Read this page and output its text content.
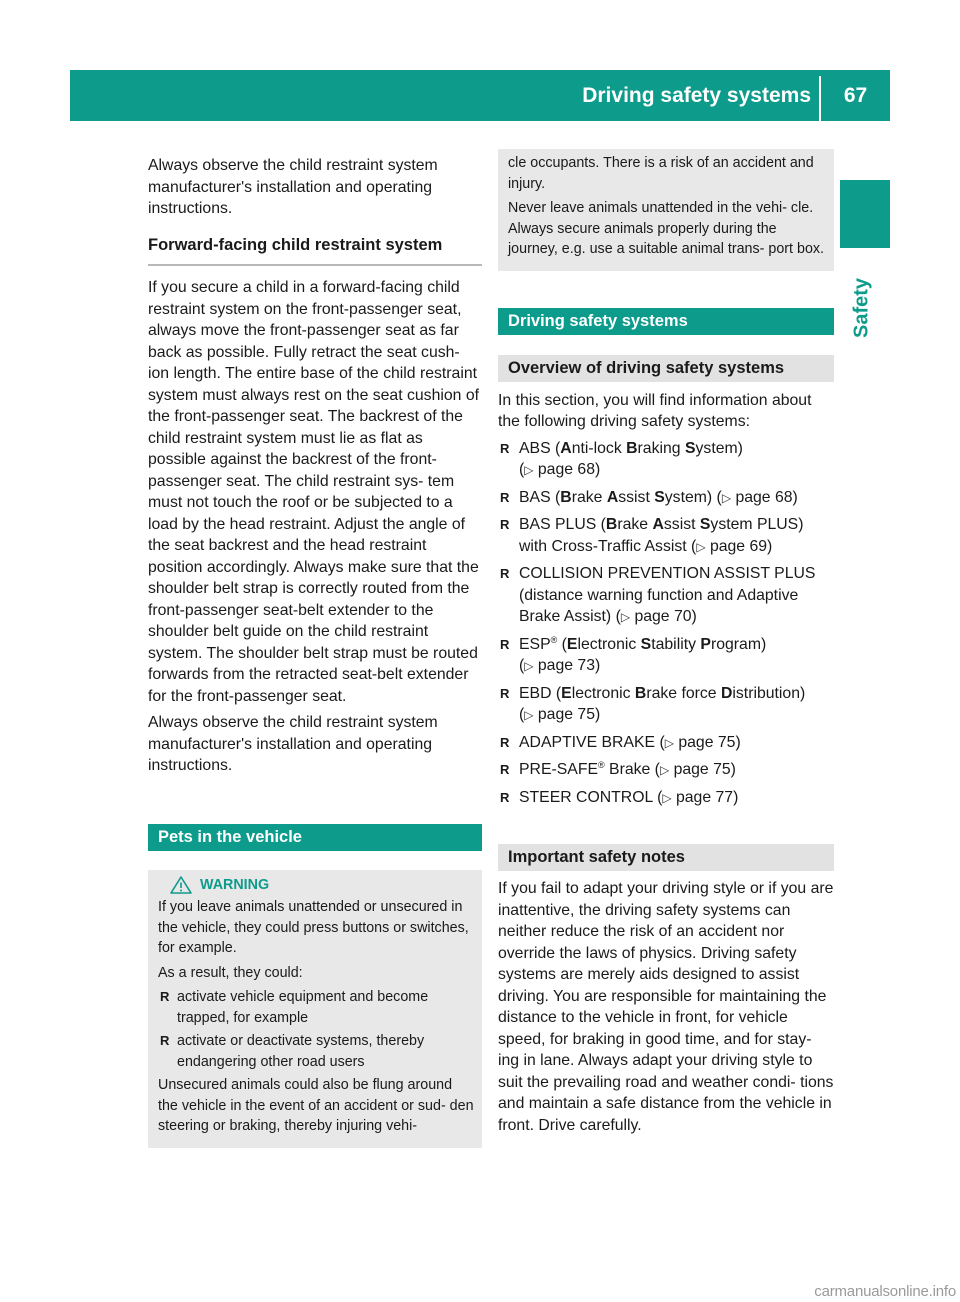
Driving safety systems	67
Safety

Always observe the child restraint system manufacturer's installation and operating instructions.

Forward-facing child restraint system

If you secure a child in a forward-facing child restraint system on the front-passenger seat, always move the front-passenger seat as far back as possible. Fully retract the seat cush- ion length. The entire base of the child restraint system must always rest on the seat cushion of the front-passenger seat. The backrest of the child restraint system must lie as flat as possible against the backrest of the front-passenger seat. The child restraint sys- tem must not touch the roof or be subjected to a load by the head restraint. Adjust the angle of the seat backrest and the head restraint position accordingly. Always make sure that the shoulder belt strap is correctly routed from the front-passenger seat-belt extender to the shoulder belt guide on the child restraint system. The shoulder belt strap must be routed forwards from the retracted seat-belt extender for the front-passenger seat.

Always observe the child restraint system manufacturer's installation and operating instructions.

Pets in the vehicle

WARNING

If you leave animals unattended or unsecured in the vehicle, they could press buttons or switches, for example.

As a result, they could:

R activate vehicle equipment and become trapped, for example
R activate or deactivate systems, thereby endangering other road users

Unsecured animals could also be flung around the vehicle in the event of an accident or sud- den steering or braking, thereby injuring vehi-

cle occupants. There is a risk of an accident and injury.

Never leave animals unattended in the vehi- cle. Always secure animals properly during the journey, e.g. use a suitable animal trans- port box.

Driving safety systems
Overview of driving safety systems

In this section, you will find information about the following driving safety systems:

R ABS (Anti-lock Braking System)
(▷ page 68)
R BAS (Brake Assist System) (▷ page 68)
R BAS PLUS (Brake Assist System PLUS) with Cross-Traffic Assist (▷ page 69)
R COLLISION PREVENTION ASSIST PLUS (distance warning function and Adaptive Brake Assist) (▷ page 70)
R ESP® (Electronic Stability Program)
(▷ page 73)
R EBD (Electronic Brake force Distribution)
(▷ page 75)
R ADAPTIVE BRAKE (▷ page 75)
R PRE-SAFE® Brake (▷ page 75)
R STEER CONTROL (▷ page 77)
Important safety notes

If you fail to adapt your driving style or if you are inattentive, the driving safety systems can neither reduce the risk of an accident nor override the laws of physics. Driving safety systems are merely aids designed to assist driving. You are responsible for maintaining the distance to the vehicle in front, for vehicle speed, for braking in good time, and for stay- ing in lane. Always adapt your driving style to suit the prevailing road and weather condi- tions and maintain a safe distance from the vehicle in front. Drive carefully.

carmanualsonline.info
